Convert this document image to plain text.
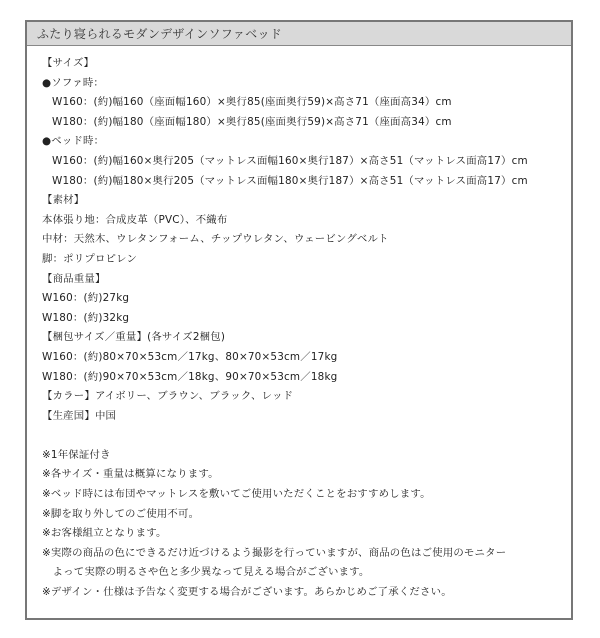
ふたり寝られるモダンデザインソファベッド
【サイズ】
●ソファ時：
W160：(約)幅160（座面幅160）×奥行85(座面奥行59)×高さ71（座面高34）cm
W180：(約)幅180（座面幅180）×奥行85(座面奥行59)×高さ71（座面高34）cm
●ベッド時：
W160：(約)幅160×奥行205（マットレス面幅160×奥行187）×高さ51（マットレス面高17）cm
W180：(約)幅180×奥行205（マットレス面幅180×奥行187）×高さ51（マットレス面高17）cm
【素材】
本体張り地：合成皮革（PVC）、不織布
中材：天然木、ウレタンフォーム、チップウレタン、ウェービングベルト
脚：ポリプロピレン
【商品重量】
W160：(約)27kg
W180：(約)32kg
【梱包サイズ／重量】(各サイズ2梱包)
W160：(約)80×70×53cm／17kg、80×70×53cm／17kg
W180：(約)90×70×53cm／18kg、90×70×53cm／18kg
【カラー】アイボリー、ブラウン、ブラック、レッド
【生産国】中国
※1年保証付き
※各サイズ・重量は概算になります。
※ベッド時には布団やマットレスを敷いてご使用いただくことをおすすめします。
※脚を取り外してのご使用不可。
※お客様組立となります。
※実際の商品の色にできるだけ近づけるよう撮影を行っていますが、商品の色はご使用のモニター
　よって実際の明るさや色と多少異なって見える場合がございます。
※デザイン・仕様は予告なく変更する場合がございます。あらかじめご了承ください。
